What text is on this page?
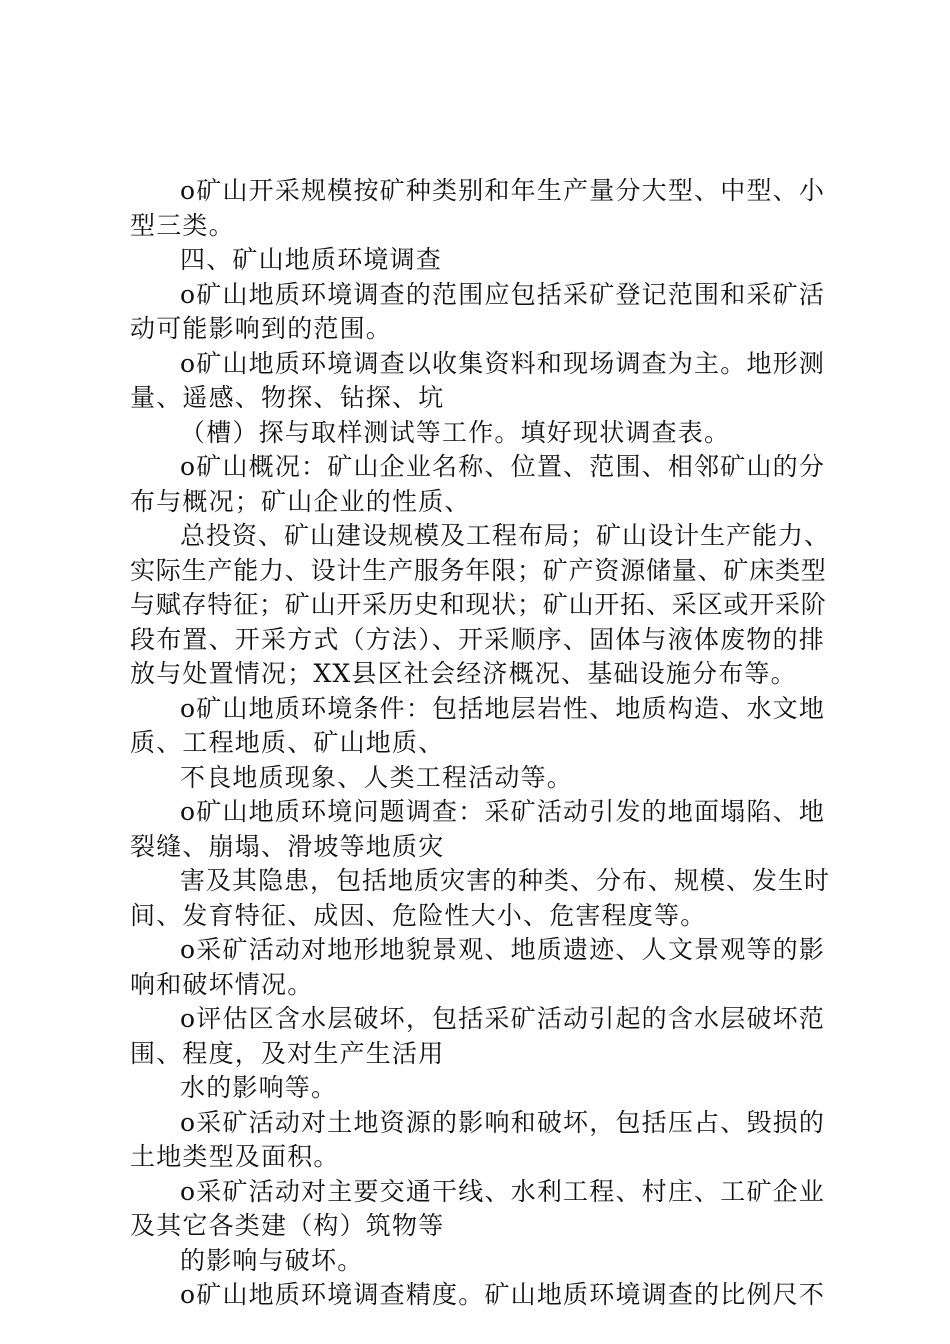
o矿山开采规模按矿种类别和年生产量分大型、中型、小
型三类。
四、矿山地质环境调查
o矿山地质环境调查的范围应包括采矿登记范围和采矿活
动可能影响到的范围。
o矿山地质环境调查以收集资料和现场调查为主。地形测
量、遥感、物探、钻探、坑
（槽）探与取样测试等工作。填好现状调查表。
o矿山概况：矿山企业名称、位置、范围、相邻矿山的分
布与概况；矿山企业的性质、
总投资、矿山建设规模及工程布局；矿山设计生产能力、
实际生产能力、设计生产服务年限；矿产资源储量、矿床类型
与赋存特征；矿山开采历史和现状；矿山开拓、采区或开采阶
段布置、开采方式（方法）、开采顺序、固体与液体废物的排
放与处置情况；XX县区社会经济概况、基础设施分布等。
o矿山地质环境条件：包括地层岩性、地质构造、水文地
质、工程地质、矿山地质、
不良地质现象、人类工程活动等。
o矿山地质环境问题调查：采矿活动引发的地面塌陷、地
裂缝、崩塌、滑坡等地质灾
害及其隐患，包括地质灾害的种类、分布、规模、发生时
间、发育特征、成因、危险性大小、危害程度等。
o采矿活动对地形地貌景观、地质遗迹、人文景观等的影
响和破坏情况。
o评估区含水层破坏，包括采矿活动引起的含水层破坏范
围、程度，及对生产生活用
水的影响等。
o采矿活动对土地资源的影响和破坏，包括压占、毁损的
土地类型及面积。
o采矿活动对主要交通干线、水利工程、村庄、工矿企业
及其它各类建（构）筑物等
的影响与破坏。
o矿山地质环境调查精度。矿山地质环境调查的比例尺不
